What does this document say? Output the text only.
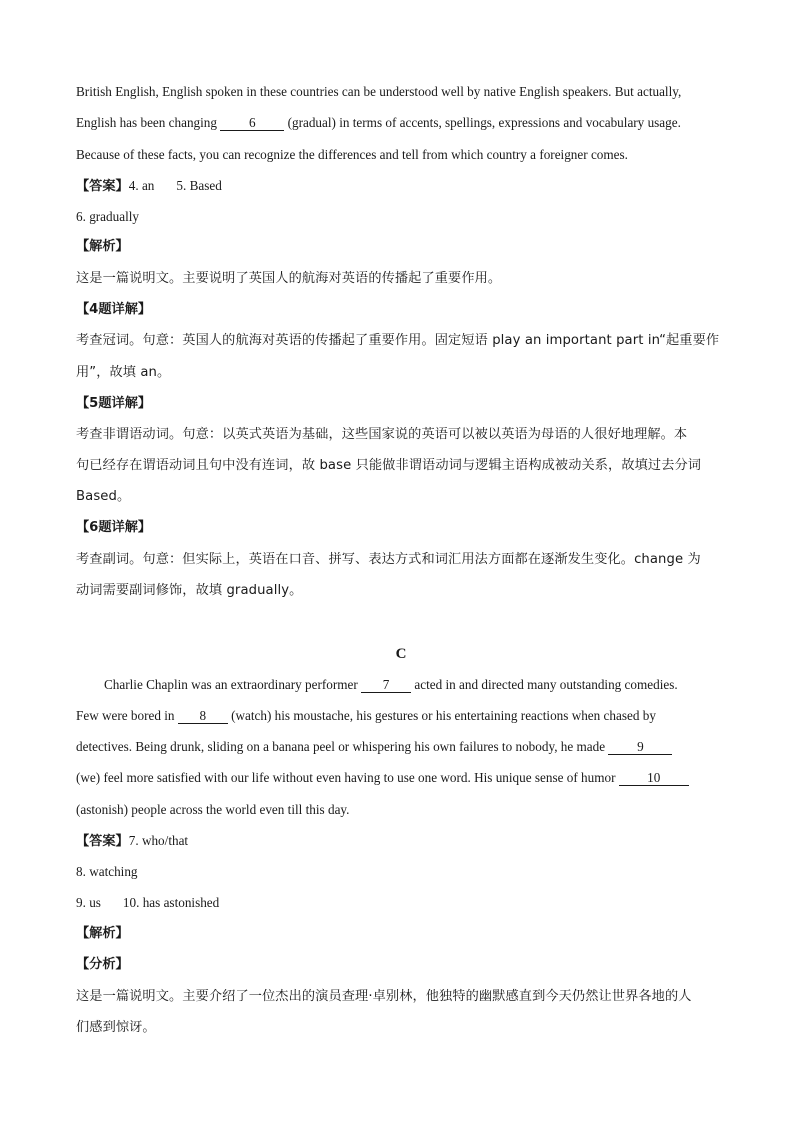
British English, English spoken in these countries can be understood well by native English speakers. But actually,
English has been changing 6 (gradual) in terms of accents, spellings, expressions and vocabulary usage.
Because of these facts, you can recognize the differences and tell from which country a foreigner comes.
【答案】4. an 5. Based
6. gradually
【解析】
这是一篇说明文。主要说明了英国人的航海对英语的传播起了重要作用。
【4题详解】
考查冠词。句意：英国人的航海对英语的传播起了重要作用。固定短语 play an important part in“起重要作
用”，故填 an。
【5题详解】
考查非谓语动词。句意：以英式英语为基础，这些国家说的英语可以被以英语为母语的人很好地理解。本
句已经存在谓语动词且句中没有连词，故 base 只能做非谓语动词与逻辑主语构成被动关系，故填过去分词
Based。
【6题详解】
考查副词。句意：但实际上，英语在口音、拼写、表达方式和词汇用法方面都在逐渐发生变化。change 为
动词需要副词修饰，故填 gradually。
C
Charlie Chaplin was an extraordinary performer 7 acted in and directed many outstanding comedies.
Few were bored in 8 (watch) his moustache, his gestures or his entertaining reactions when chased by
detectives. Being drunk, sliding on a banana peel or whispering his own failures to nobody, he made 9
(we) feel more satisfied with our life without even having to use one word. His unique sense of humor 10
(astonish) people across the world even till this day.
【答案】7. who/that
8. watching
9. us 10. has astonished
【解析】
【分析】
这是一篇说明文。主要介绍了一位杰出的演员查理·卓别林，他独特的幽默感直到今天仍然让世界各地的人
们感到惊讶。
